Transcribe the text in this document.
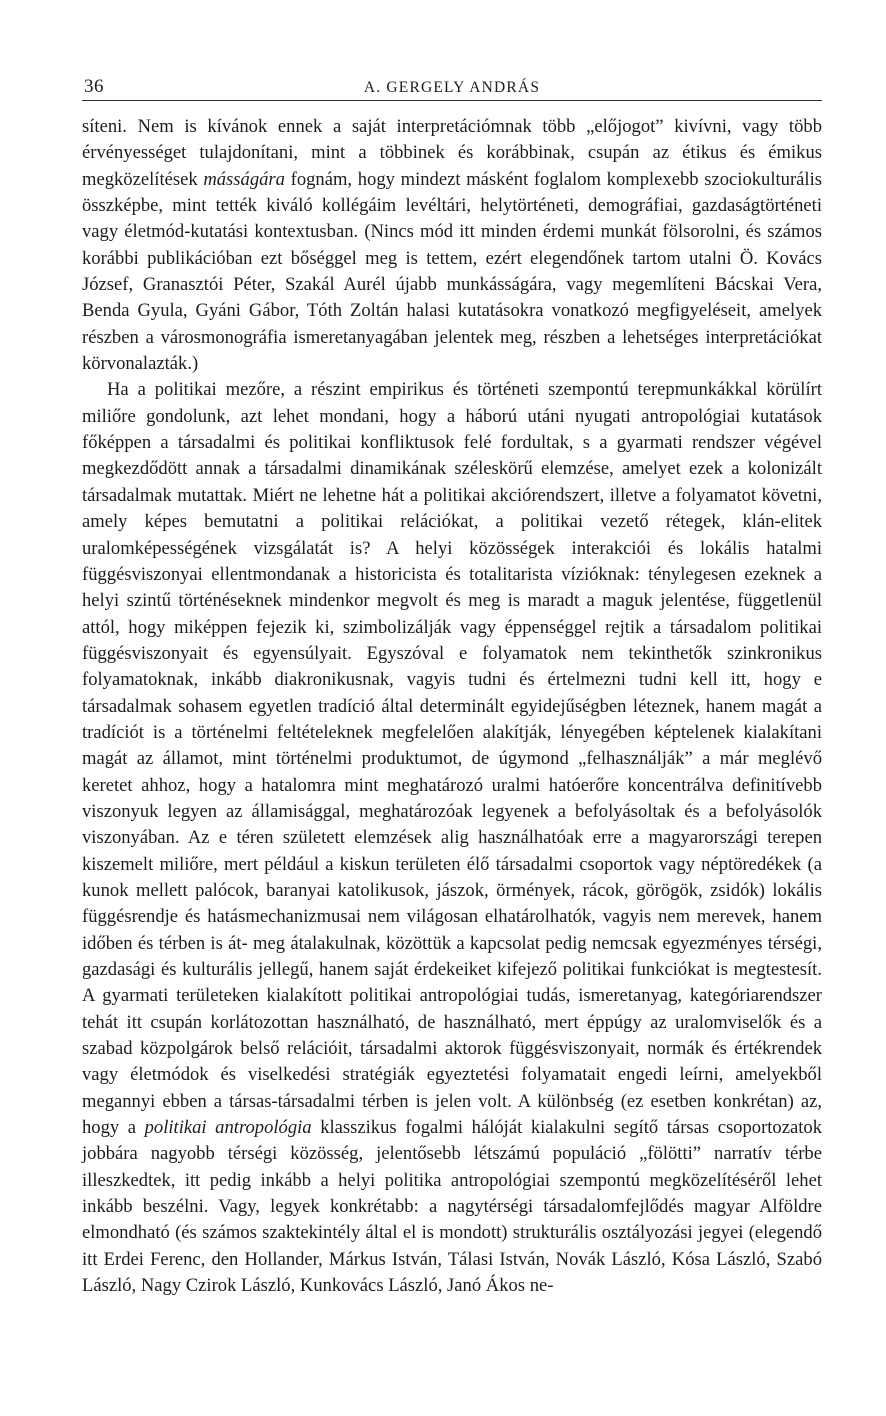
36	A. GERGELY ANDRÁS

síteni. Nem is kívánok ennek a saját interpretációmnak több „előjogot” kivívni, vagy több érvényességet tulajdonítani, mint a többinek és korábbinak, csupán az étikus és émikus megközelítések másságára fognám, hogy mindezt másként foglalom komplexebb szociokulturális összképbe, mint tették kiváló kollégáim levéltári, helytörténeti, demográfiai, gazdaságtörténeti vagy életmód-kutatási kontextusban. (Nincs mód itt minden érdemi munkát fölsorolni, és számos korábbi publikációban ezt bőséggel meg is tettem, ezért elegendőnek tartom utalni Ö. Kovács József, Granasztói Péter, Szakál Aurél újabb munkásságára, vagy megemlíteni Bácskai Vera, Benda Gyula, Gyáni Gábor, Tóth Zoltán halasi kutatásokra vonatkozó megfigyeléseit, amelyek részben a városmonográfia ismeretanyagában jelentek meg, részben a lehetséges interpretációkat körvonalazták.)

Ha a politikai mezőre, a részint empirikus és történeti szempontú terepmunkákkal körülírt miliőre gondolunk, azt lehet mondani, hogy a háború utáni nyugati antropológiai kutatások főképpen a társadalmi és politikai konfliktusok felé fordultak, s a gyarmati rendszer végével megkezdődött annak a társadalmi dinamikának széleskörű elemzése, amelyet ezek a kolonizált társadalmak mutattak. Miért ne lehetne hát a politikai akciórendszert, illetve a folyamatot követni, amely képes bemutatni a politikai relációkat, a politikai vezető rétegek, klán-elitek uralomképességének vizsgálatát is? A helyi közösségek interakciói és lokális hatalmi függésviszonyai ellentmondanak a historicista és totalitarista vízióknak: ténylegesen ezeknek a helyi szintű történéseknek mindenkor megvolt és meg is maradt a maguk jelentése, függetlenül attól, hogy miképpen fejezik ki, szimbolizálják vagy éppenséggel rejtik a társadalom politikai függésviszonyait és egyensúlyait. Egyszóval e folyamatok nem tekinthetők szinkronikus folyamatoknak, inkább diakronikusnak, vagyis tudni és értelmezni tudni kell itt, hogy e társadalmak sohasem egyetlen tradíció által determinált egyidejűségben léteznek, hanem magát a tradíciót is a történelmi feltételeknek megfelelően alakítják, lényegében képtelenek kialakítani magát az államot, mint történelmi produktumot, de úgymond „felhasználják” a már meglévő keretet ahhoz, hogy a hatalomra mint meghatározó uralmi hatóerőre koncentrálva definitívebb viszonyuk legyen az államisággal, meghatározóak legyenek a befolyásoltak és a befolyásolók viszonyában. Az e téren született elemzések alig használhatóak erre a magyarországi terepen kiszemelt miliőre, mert például a kiskun területen élő társadalmi csoportok vagy néptöredékek (a kunok mellett palócok, baranyai katolikusok, jászok, örmények, rácok, görögök, zsidók) lokális függésrendje és hatásmechanizmusai nem világosan elhatárolhatók, vagyis nem merevek, hanem időben és térben is át- meg átalakulnak, közöttük a kapcsolat pedig nemcsak egyezményes térségi, gazdasági és kulturális jellegű, hanem saját érdekeiket kifejező politikai funkciókat is megtestesít. A gyarmati területeken kialakított politikai antropológiai tudás, ismeretanyag, kategóriarendszer tehát itt csupán korlátozottan használható, de használható, mert éppúgy az uralomviselők és a szabad közpolgárok belső relációit, társadalmi aktorok függésviszonyait, normák és értékrendek vagy életmódok és viselkedési stratégiák egyeztetési folyamatait engedi leírni, amelyekből megannyi ebben a társas-társadalmi térben is jelen volt. A különbség (ez esetben konkrétan) az, hogy a politikai antropológia klasszikus fogalmi hálóját kialakulni segítő társas csoportozatok jobbára nagyobb térségi közösség, jelentősebb létszámú populáció „fölötti” narratív térbe illeszkedtek, itt pedig inkább a helyi politika antropológiai szempontú megközelítéséről lehet inkább beszélni. Vagy, legyek konkrétabb: a nagytérségi társadalomfejlődés magyar Alföldre elmondható (és számos szaktekintély által el is mondott) strukturális osztályozási jegyei (elegendő itt Erdei Ferenc, den Hollander, Márkus István, Tálasi István, Novák László, Kósa László, Szabó László, Nagy Czirok László, Kunkovács László, Janó Ákos ne-
